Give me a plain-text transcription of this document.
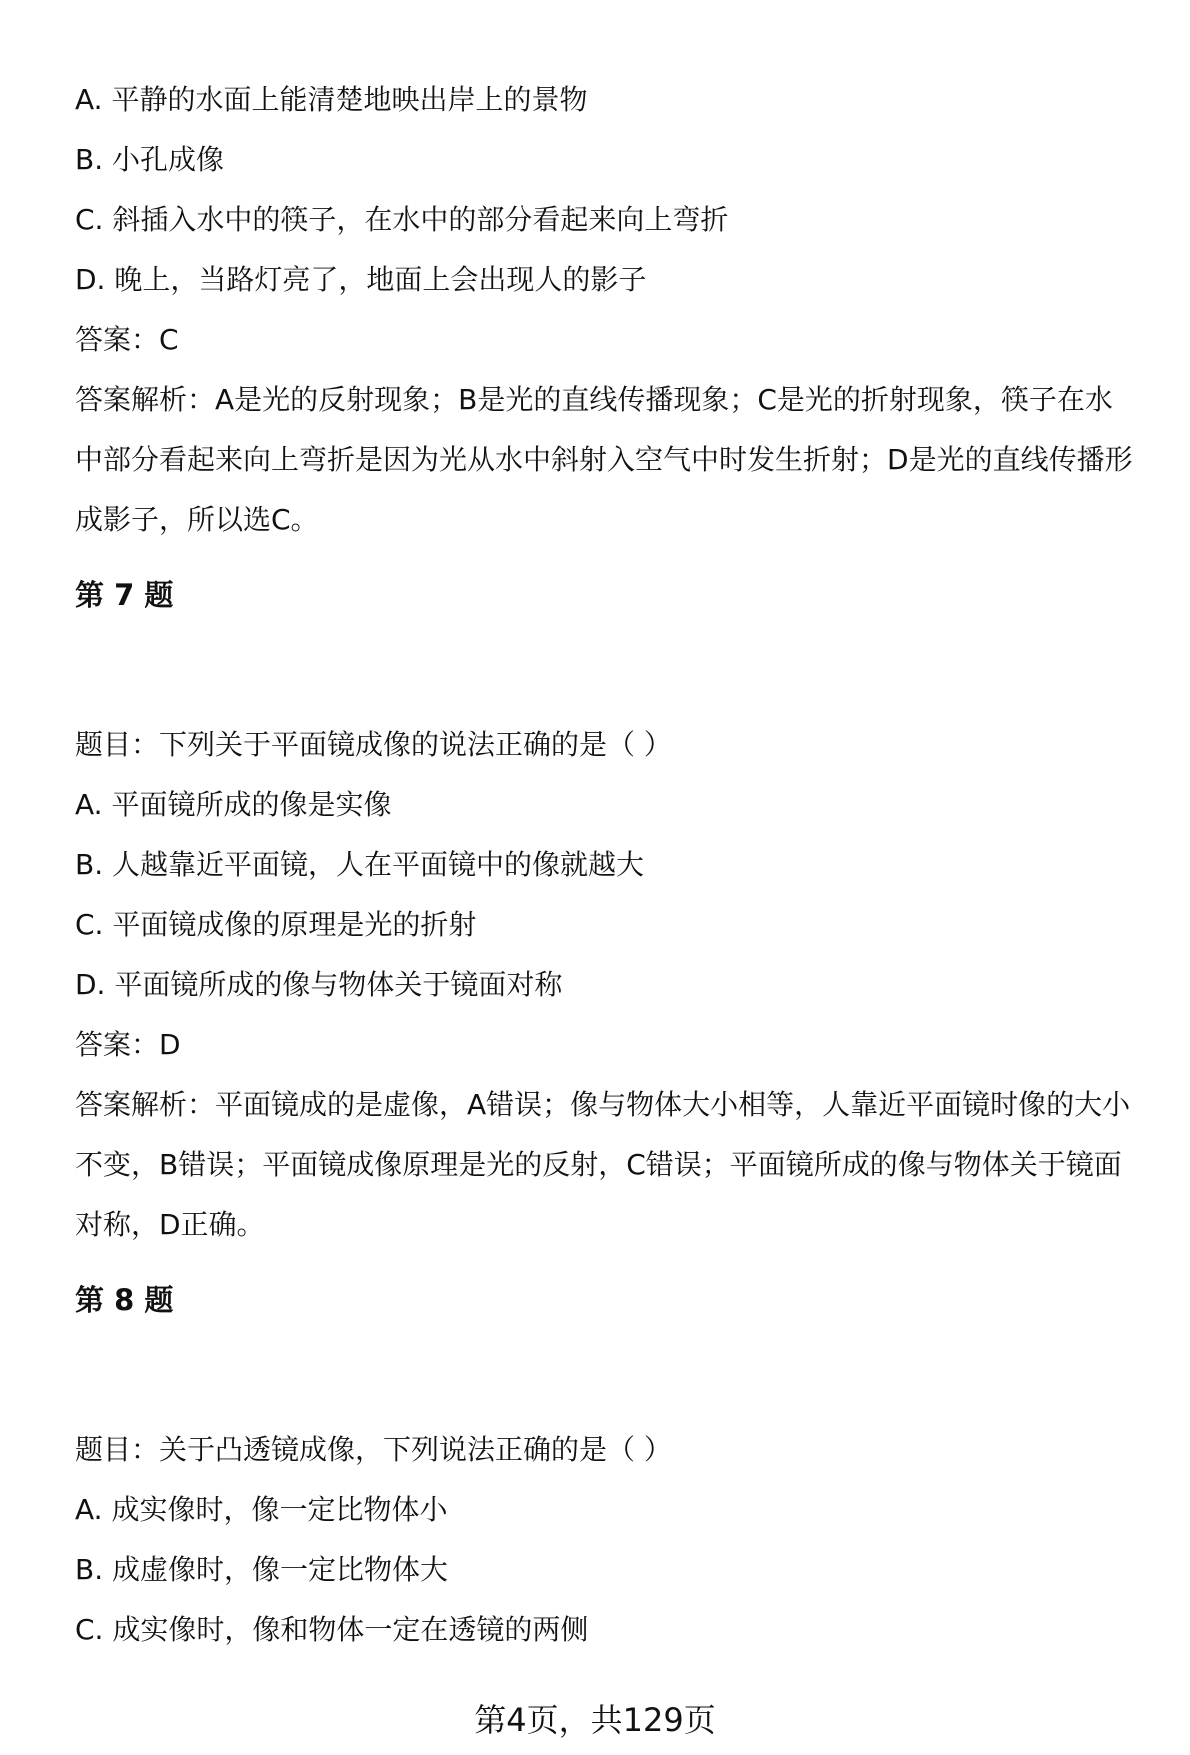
A. 平静的水面上能清楚地映出岸上的景物
B. 小孔成像
C. 斜插入水中的筷子，在水中的部分看起来向上弯折
D. 晚上，当路灯亮了，地面上会出现人的影子
答案：C
答案解析：A是光的反射现象；B是光的直线传播现象；C是光的折射现象，筷子在水中部分看起来向上弯折是因为光从水中斜射入空气中时发生折射；D是光的直线传播形成影子，所以选C。
第 7 题
题目：下列关于平面镜成像的说法正确的是（ ）
A. 平面镜所成的像是实像
B. 人越靠近平面镜，人在平面镜中的像就越大
C. 平面镜成像的原理是光的折射
D. 平面镜所成的像与物体关于镜面对称
答案：D
答案解析：平面镜成的是虚像，A错误；像与物体大小相等，人靠近平面镜时像的大小不变，B错误；平面镜成像原理是光的反射，C错误；平面镜所成的像与物体关于镜面对称，D正确。
第 8 题
题目：关于凸透镜成像，下列说法正确的是（ ）
A. 成实像时，像一定比物体小
B. 成虚像时，像一定比物体大
C. 成实像时，像和物体一定在透镜的两侧
第4页，共129页
